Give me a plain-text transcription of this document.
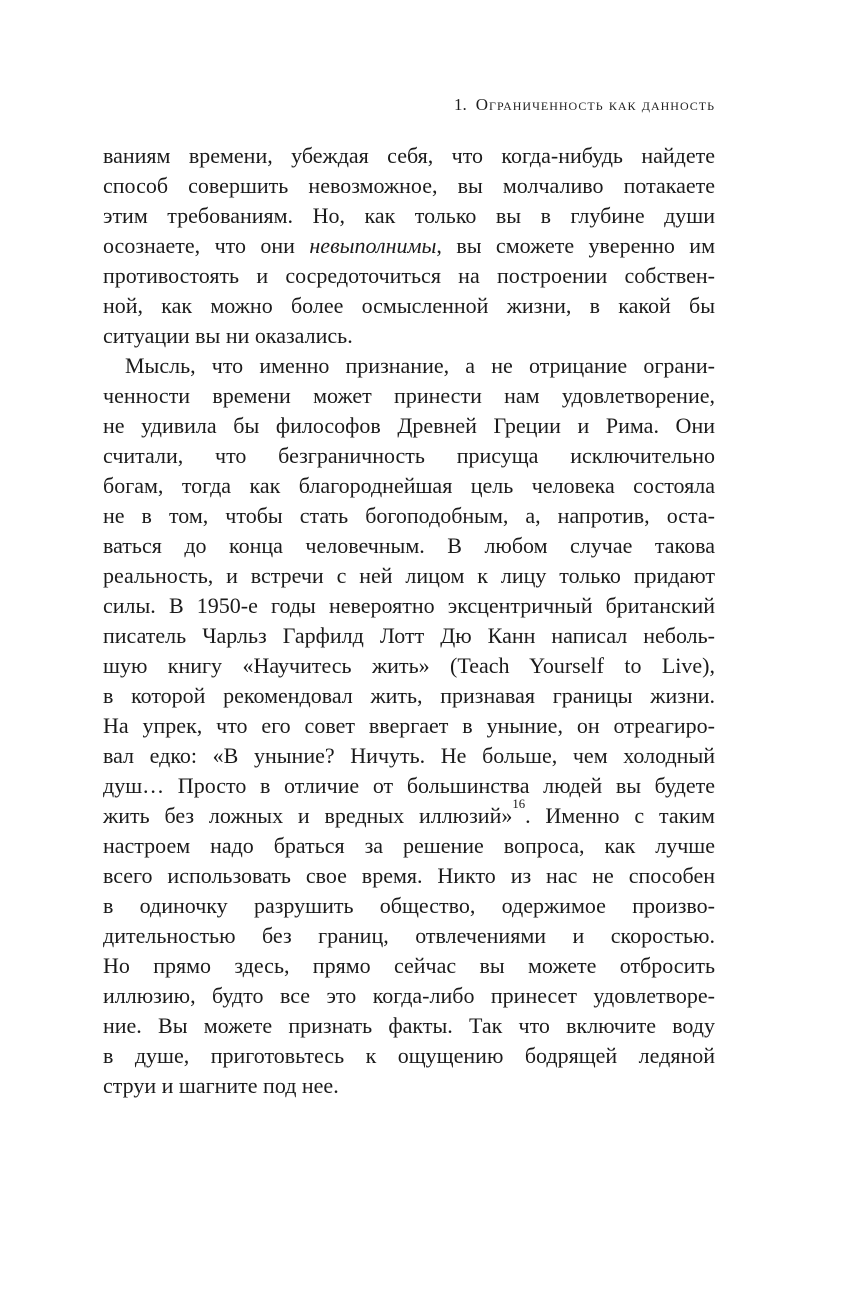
1. Ограниченность как данность
ваниям времени, убеждая себя, что когда-нибудь найдете
способ совершить невозможное, вы молчаливо потакаете
этим требованиям. Но, как только вы в глубине души
осознаете, что они невыполнимы, вы сможете уверенно им
противостоять и сосредоточиться на построении собствен-
ной, как можно более осмысленной жизни, в какой бы
ситуации вы ни оказались.
Мысль, что именно признание, а не отрицание ограни-
ченности времени может принести нам удовлетворение,
не удивила бы философов Древней Греции и Рима. Они
считали, что безграничность присуща исключительно
богам, тогда как благороднейшая цель человека состояла
не в том, чтобы стать богоподобным, а, напротив, оста-
ваться до конца человечным. В любом случае такова
реальность, и встречи с ней лицом к лицу только придают
силы. В 1950-е годы невероятно эксцентричный британский
писатель Чарльз Гарфилд Лотт Дю Канн написал неболь-
шую книгу «Научитесь жить» (Teach Yourself to Live),
в которой рекомендовал жить, признавая границы жизни.
На упрек, что его совет ввергает в уныние, он отреагиро-
вал едко: «В уныние? Ничуть. Не больше, чем холодный
душ… Просто в отличие от большинства людей вы будете
жить без ложных и вредных иллюзий»$^{16}$. Именно с таким
настроем надо браться за решение вопроса, как лучше
всего использовать свое время. Никто из нас не способен
в одиночку разрушить общество, одержимое произво-
дительностью без границ, отвлечениями и скоростью.
Но прямо здесь, прямо сейчас вы можете отбросить
иллюзию, будто все это когда-либо принесет удовлетворе-
ние. Вы можете признать факты. Так что включите воду
в душе, приготовьтесь к ощущению бодрящей ледяной
струи и шагните под нее.
